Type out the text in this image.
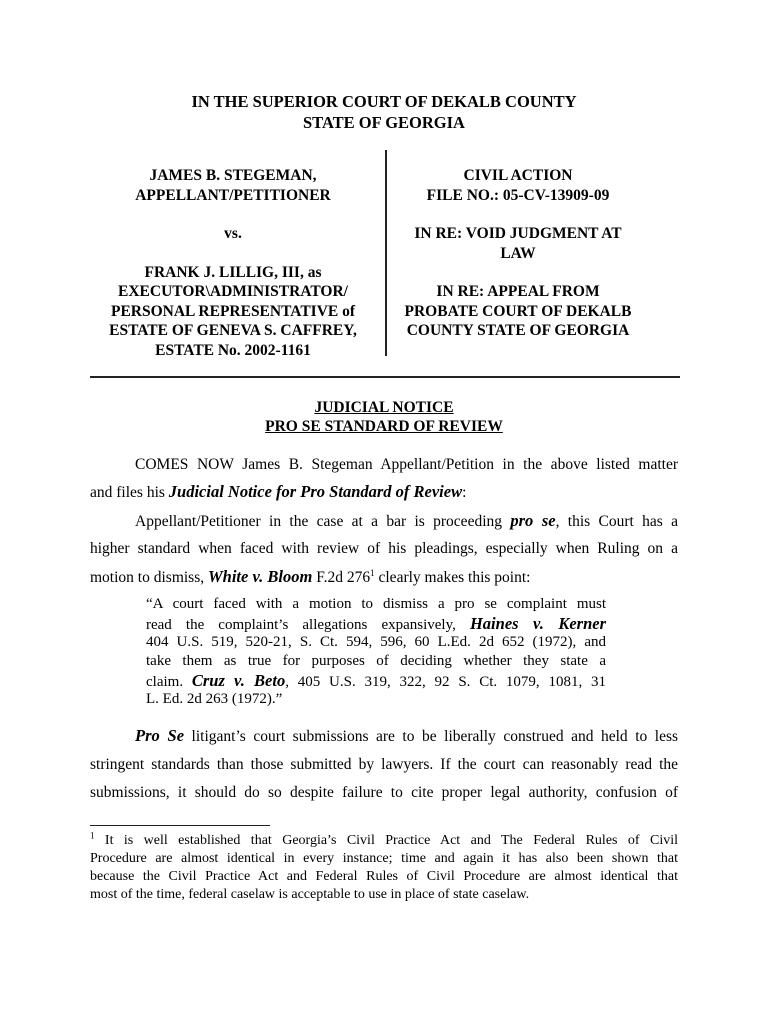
IN THE SUPERIOR COURT OF DEKALB COUNTY
STATE OF GEORGIA
JAMES B. STEGEMAN,
APPELLANT/PETITIONER
vs.
FRANK J. LILLIG, III, as
EXECUTOR\ADMINISTRATOR/
PERSONAL REPRESENTATIVE of
ESTATE OF GENEVA S. CAFFREY,
ESTATE No. 2002-1161
CIVIL ACTION
FILE NO.: 05-CV-13909-09
IN RE: VOID JUDGMENT AT
LAW
IN RE: APPEAL FROM
PROBATE COURT OF DEKALB
COUNTY STATE OF GEORGIA
JUDICIAL NOTICE
PRO SE STANDARD OF REVIEW
COMES NOW James B. Stegeman Appellant/Petition in the above listed matter
and files his Judicial Notice for Pro Standard of Review:
Appellant/Petitioner in the case at a bar is proceeding pro se, this Court has a
higher standard when faced with review of his pleadings, especially when Ruling on a
motion to dismiss, White v. Bloom F.2d $276^1$ clearly makes this point:
“A court faced with a motion to dismiss a pro se complaint must
read the complaint’s allegations expansively, Haines v. Kerner
404 U.S. 519, 520-21, S. Ct. 594, 596, 60 L.Ed. 2d 652 (1972), and
take them as true for purposes of deciding whether they state a
claim. Cruz v. Beto, 405 U.S. 319, 322, 92 S. Ct. 1079, 1081, 31
L. Ed. 2d 263 (1972).”
Pro Se litigant’s court submissions are to be liberally construed and held to less
stringent standards than those submitted by lawyers. If the court can reasonably read the
submissions, it should do so despite failure to cite proper legal authority, confusion of
$^1$ It is well established that Georgia’s Civil Practice Act and The Federal Rules of Civil
Procedure are almost identical in every instance; time and again it has also been shown that
because the Civil Practice Act and Federal Rules of Civil Procedure are almost identical that
most of the time, federal caselaw is acceptable to use in place of state caselaw.
